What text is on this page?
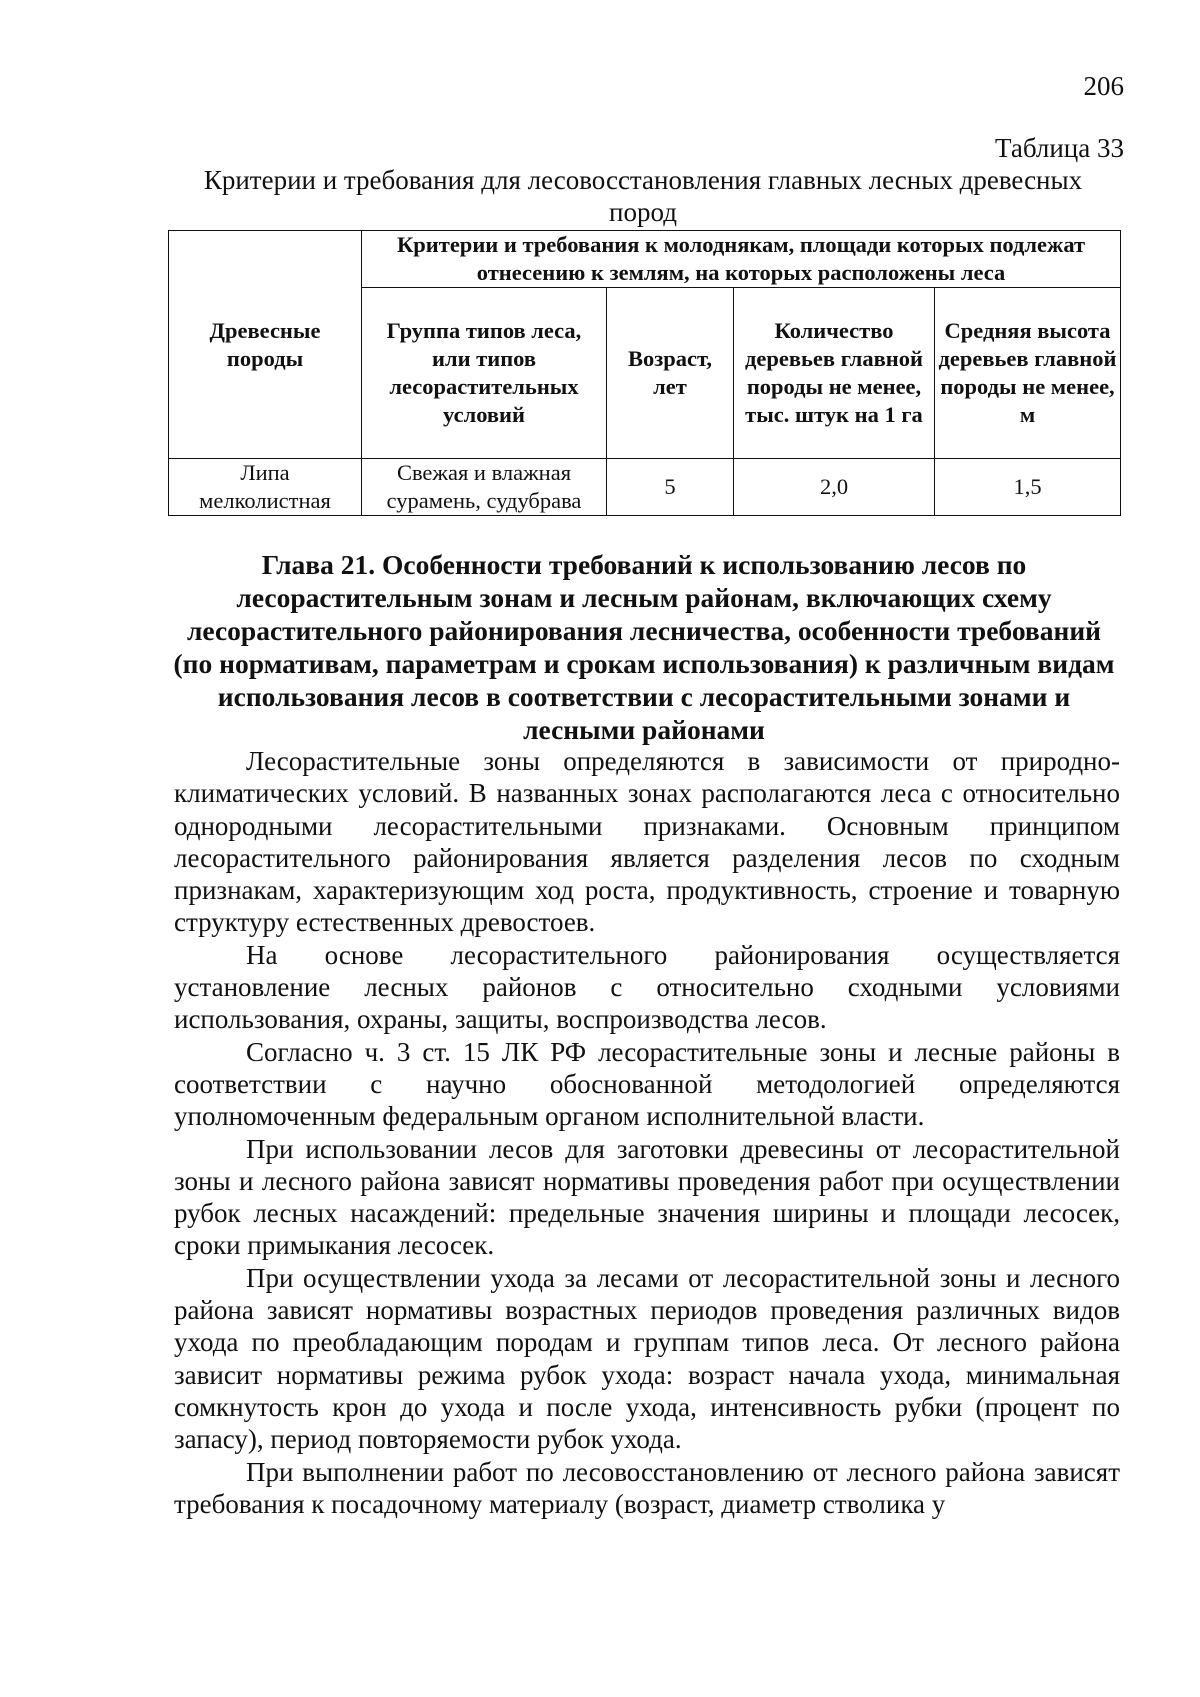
206
Таблица 33
Критерии и требования для лесовосстановления главных лесных древесных пород
Древесные породы	Критерии и требования к молоднякам, площади которых подлежат отнесению к землям, на которых расположены леса			
	Группа типов леса, или типов лесорастительных условий	Возраст, лет	Количество деревьев главной породы не менее, тыс. штук на 1 га	Средняя высота деревьев главной породы не менее, м
Липа мелколистная	Свежая и влажная сурамень, судубрава	5	2,0	1,5
Глава 21. Особенности требований к использованию лесов по лесорастительным зонам и лесным районам, включающих схему лесорастительного районирования лесничества, особенности требований (по нормативам, параметрам и срокам использования) к различным видам использования лесов в соответствии с лесорастительными зонами и лесными районами

Лесорастительные зоны определяются в зависимости от природно-климатических условий. В названных зонах располагаются леса с относительно однородными лесорастительными признаками. Основным принципом лесорастительного районирования является разделения лесов по сходным признакам, характеризующим ход роста, продуктивность, строение и товарную структуру естественных древостоев.

На основе лесорастительного районирования осуществляется установление лесных районов с относительно сходными условиями использования, охраны, защиты, воспроизводства лесов.

Согласно ч. 3 ст. 15 ЛК РФ лесорастительные зоны и лесные районы в соответствии с научно обоснованной методологией определяются уполномоченным федеральным органом исполнительной власти.

При использовании лесов для заготовки древесины от лесорастительной зоны и лесного района зависят нормативы проведения работ при осуществлении рубок лесных насаждений: предельные значения ширины и площади лесосек, сроки примыкания лесосек.

При осуществлении ухода за лесами от лесорастительной зоны и лесного района зависят нормативы возрастных периодов проведения различных видов ухода по преобладающим породам и группам типов леса. От лесного района зависит нормативы режима рубок ухода: возраст начала ухода, минимальная сомкнутость крон до ухода и после ухода, интенсивность рубки (процент по запасу), период повторяемости рубок ухода.

При выполнении работ по лесовосстановлению от лесного района зависят требования к посадочному материалу (возраст, диаметр стволика у
